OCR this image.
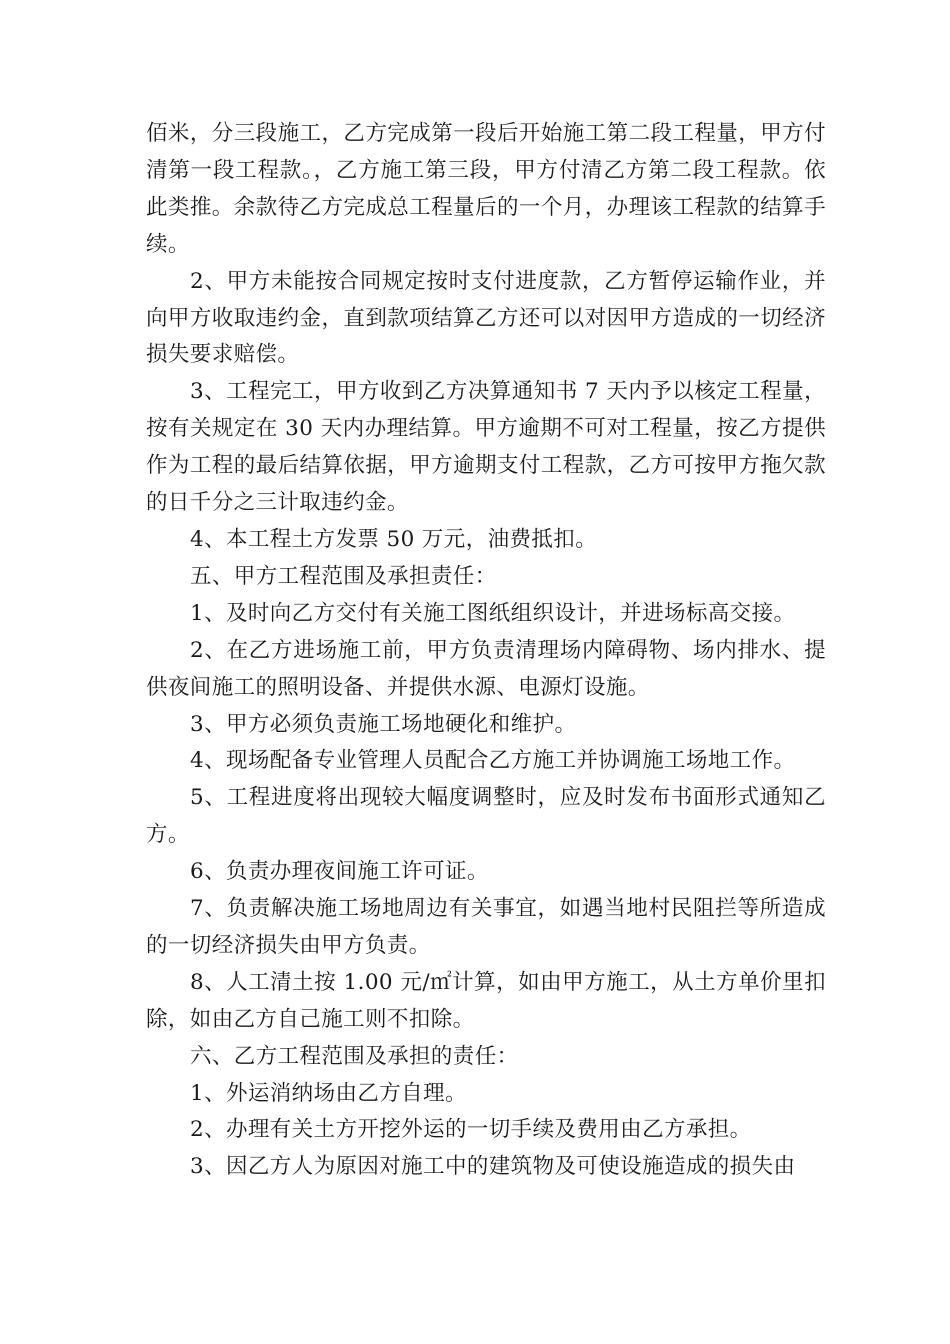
佰米，分三段施工，乙方完成第一段后开始施工第二段工程量，甲方付清第一段工程款。，乙方施工第三段，甲方付清乙方第二段工程款。依此类推。余款待乙方完成总工程量后的一个月，办理该工程款的结算手续。

2、甲方未能按合同规定按时支付进度款，乙方暂停运输作业，并向甲方收取违约金，直到款项结算乙方还可以对因甲方造成的一切经济损失要求赔偿。

3、工程完工，甲方收到乙方决算通知书 7 天内予以核定工程量，按有关规定在 30 天内办理结算。甲方逾期不可对工程量，按乙方提供作为工程的最后结算依据，甲方逾期支付工程款，乙方可按甲方拖欠款的日千分之三计取违约金。

4、本工程土方发票 50 万元，油费抵扣。

五、甲方工程范围及承担责任：

1、及时向乙方交付有关施工图纸组织设计，并进场标高交接。

2、在乙方进场施工前，甲方负责清理场内障碍物、场内排水、提供夜间施工的照明设备、并提供水源、电源灯设施。

3、甲方必须负责施工场地硬化和维护。

4、现场配备专业管理人员配合乙方施工并协调施工场地工作。

5、工程进度将出现较大幅度调整时，应及时发布书面形式通知乙方。

6、负责办理夜间施工许可证。

7、负责解决施工场地周边有关事宜，如遇当地村民阻拦等所造成的一切经济损失由甲方负责。

8、人工清土按 1.00 元/㎡计算，如由甲方施工，从土方单价里扣除，如由乙方自己施工则不扣除。

六、乙方工程范围及承担的责任：

1、外运消纳场由乙方自理。

2、办理有关土方开挖外运的一切手续及费用由乙方承担。

3、因乙方人为原因对施工中的建筑物及可使设施造成的损失由
